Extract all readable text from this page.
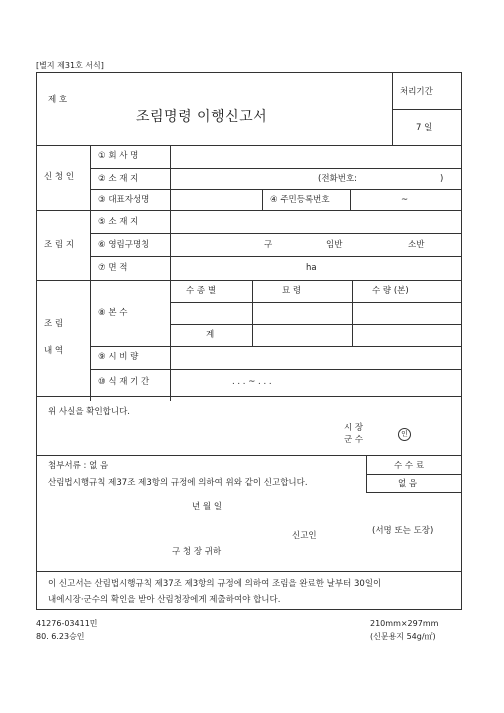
[별지 제31호 서식]
제 호
조림명령 이행신고서
처리기간
7 일
신 청 인
① 회 사 명
② 소 재 지	(전화번호:	)
③ 대표자성명	④ 주민등록번호	~
조 림 지
⑤ 소 재 지
⑥ 영림구명칭	구	임반	소반
⑦ 면 적	ha
조 림
내 역
⑧ 본 수
수 종 별	묘 령	수 량 (본)
계
⑨ 시 비 량
⑩ 식 재 기 간	. . . ~ . . .
위 사실을 확인합니다.
시 장
군 수
인
첨부서류 : 없 음	수 수 료
없 음
산림법시행규칙 제37조 제3항의 규정에 의하여 위와 같이 신고합니다.
년 월 일
신고인	(서명 또는 도장)
구 청 장 귀하
이 신고서는 산림법시행규칙 제37조 제3항의 규정에 의하여 조림을 완료한 날부터 30일이
내에시장·군수의 확인을 받아 산림청장에게 제출하여야 합니다.
41276-03411민
80. 6.23승인
210mm×297mm
(신문용지 54g/㎡)
